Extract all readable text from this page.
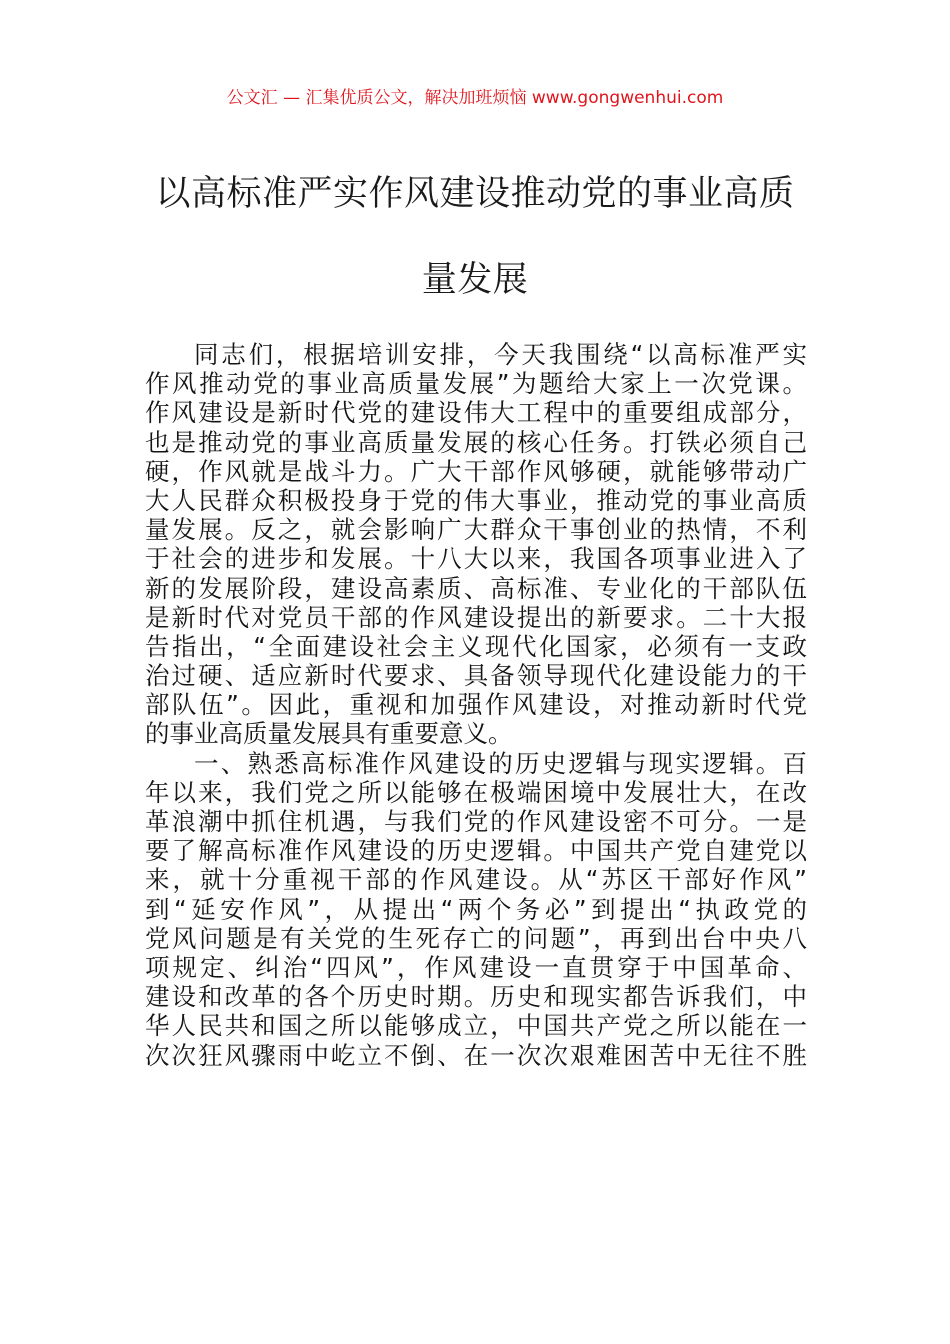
公文汇 — 汇集优质公文，解决加班烦恼 www.gongwenhui.com
以高标准严实作风建设推动党的事业高质
量发展
同志们，根据培训安排，今天我围绕“以高标准严实
作风推动党的事业高质量发展”为题给大家上一次党课。
作风建设是新时代党的建设伟大工程中的重要组成部分，
也是推动党的事业高质量发展的核心任务。打铁必须自己
硬，作风就是战斗力。广大干部作风够硬，就能够带动广
大人民群众积极投身于党的伟大事业，推动党的事业高质
量发展。反之，就会影响广大群众干事创业的热情，不利
于社会的进步和发展。十八大以来，我国各项事业进入了
新的发展阶段，建设高素质、高标准、专业化的干部队伍
是新时代对党员干部的作风建设提出的新要求。二十大报
告指出，“全面建设社会主义现代化国家，必须有一支政
治过硬、适应新时代要求、具备领导现代化建设能力的干
部队伍”。因此，重视和加强作风建设，对推动新时代党
的事业高质量发展具有重要意义。
一、熟悉高标准作风建设的历史逻辑与现实逻辑。百
年以来，我们党之所以能够在极端困境中发展壮大，在改
革浪潮中抓住机遇，与我们党的作风建设密不可分。一是
要了解高标准作风建设的历史逻辑。中国共产党自建党以
来，就十分重视干部的作风建设。从“苏区干部好作风”
到“延安作风”，从提出“两个务必”到提出“执政党的
党风问题是有关党的生死存亡的问题”，再到出台中央八
项规定、纠治“四风”，作风建设一直贯穿于中国革命、
建设和改革的各个历史时期。历史和现实都告诉我们，中
华人民共和国之所以能够成立，中国共产党之所以能在一
次次狂风骤雨中屹立不倒、在一次次艰难困苦中无往不胜
